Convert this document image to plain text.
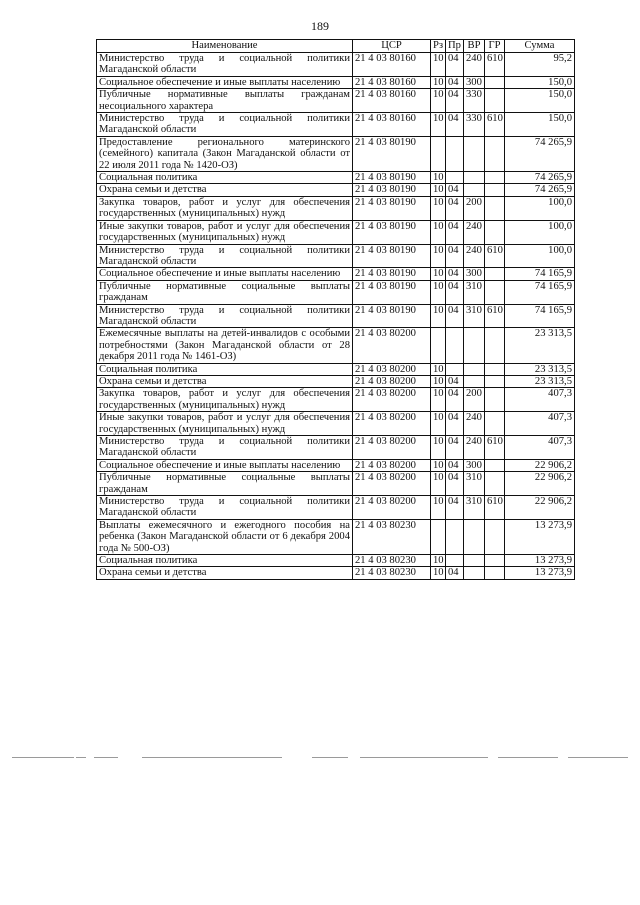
189
Наименование	ЦСР	Рз	Пр	ВР	ГР	Сумма
Министерство труда и социальной политики Магаданской области	21 4 03 80160	10	04	240	610	95,2
Социальное обеспечение и иные выплаты населению	21 4 03 80160	10	04	300		150,0
Публичные нормативные выплаты гражданам несоциального характера	21 4 03 80160	10	04	330		150,0
Министерство труда и социальной политики Магаданской области	21 4 03 80160	10	04	330	610	150,0
Предоставление регионального материнского (семейного) капитала (Закон Магаданской области от 22 июля 2011 года № 1420-ОЗ)	21 4 03 80190					74 265,9
Социальная политика	21 4 03 80190	10				74 265,9
Охрана семьи и детства	21 4 03 80190	10	04			74 265,9
Закупка товаров, работ и услуг для обеспечения государственных (муниципальных) нужд	21 4 03 80190	10	04	200		100,0
Иные закупки товаров, работ и услуг для обеспечения государственных (муниципальных) нужд	21 4 03 80190	10	04	240		100,0
Министерство труда и социальной политики Магаданской области	21 4 03 80190	10	04	240	610	100,0
Социальное обеспечение и иные выплаты населению	21 4 03 80190	10	04	300		74 165,9
Публичные нормативные социальные выплаты гражданам	21 4 03 80190	10	04	310		74 165,9
Министерство труда и социальной политики Магаданской области	21 4 03 80190	10	04	310	610	74 165,9
Ежемесячные выплаты на детей-инвалидов с особыми потребностями (Закон Магаданской области от 28 декабря 2011 года № 1461-ОЗ)	21 4 03 80200					23 313,5
Социальная политика	21 4 03 80200	10				23 313,5
Охрана семьи и детства	21 4 03 80200	10	04			23 313,5
Закупка товаров, работ и услуг для обеспечения государственных (муниципальных) нужд	21 4 03 80200	10	04	200		407,3
Иные закупки товаров, работ и услуг для обеспечения государственных (муниципальных) нужд	21 4 03 80200	10	04	240		407,3
Министерство труда и социальной политики Магаданской области	21 4 03 80200	10	04	240	610	407,3
Социальное обеспечение и иные выплаты населению	21 4 03 80200	10	04	300		22 906,2
Публичные нормативные социальные выплаты гражданам	21 4 03 80200	10	04	310		22 906,2
Министерство труда и социальной политики Магаданской области	21 4 03 80200	10	04	310	610	22 906,2
Выплаты ежемесячного и ежегодного пособия на ребенка (Закон Магаданской области от 6 декабря 2004 года № 500-ОЗ)	21 4 03 80230					13 273,9
Социальная политика	21 4 03 80230	10				13 273,9
Охрана семьи и детства	21 4 03 80230	10	04			13 273,9
